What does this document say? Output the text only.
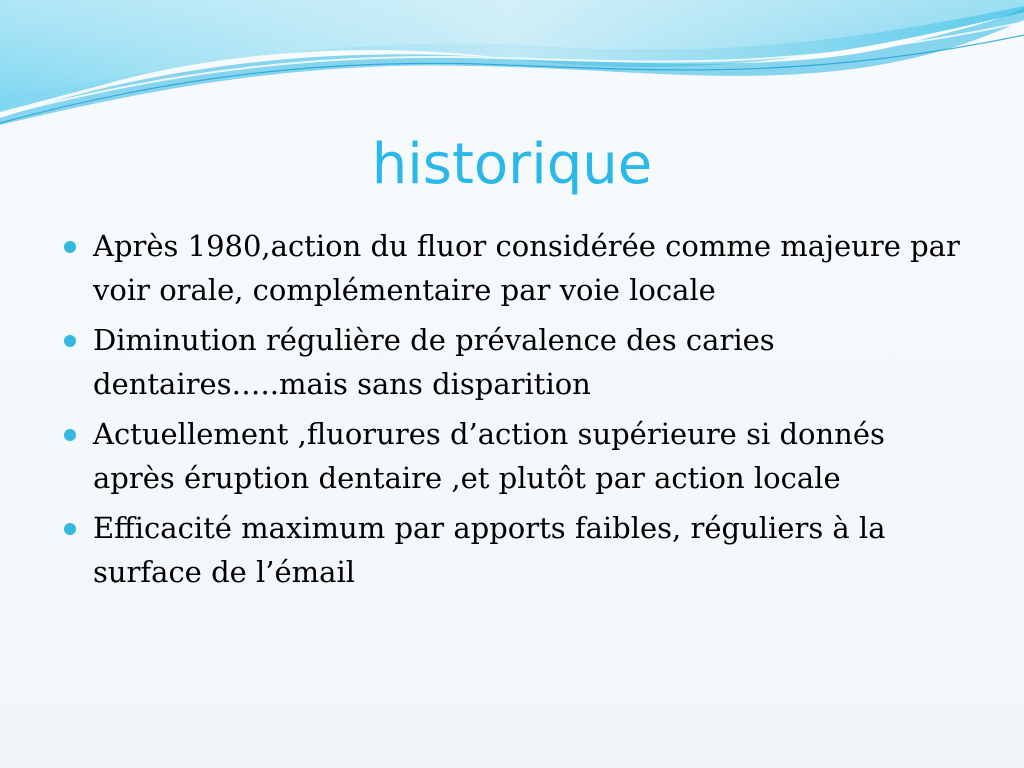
historique
Après 1980,action du fluor considérée comme majeure par voir orale, complémentaire par voie locale
Diminution régulière de prévalence des caries dentaires…..mais sans disparition
Actuellement ,fluorures d’action supérieure si donnés après éruption dentaire ,et plutôt par action locale
Efficacité maximum par apports faibles, réguliers à la surface de l’émail
